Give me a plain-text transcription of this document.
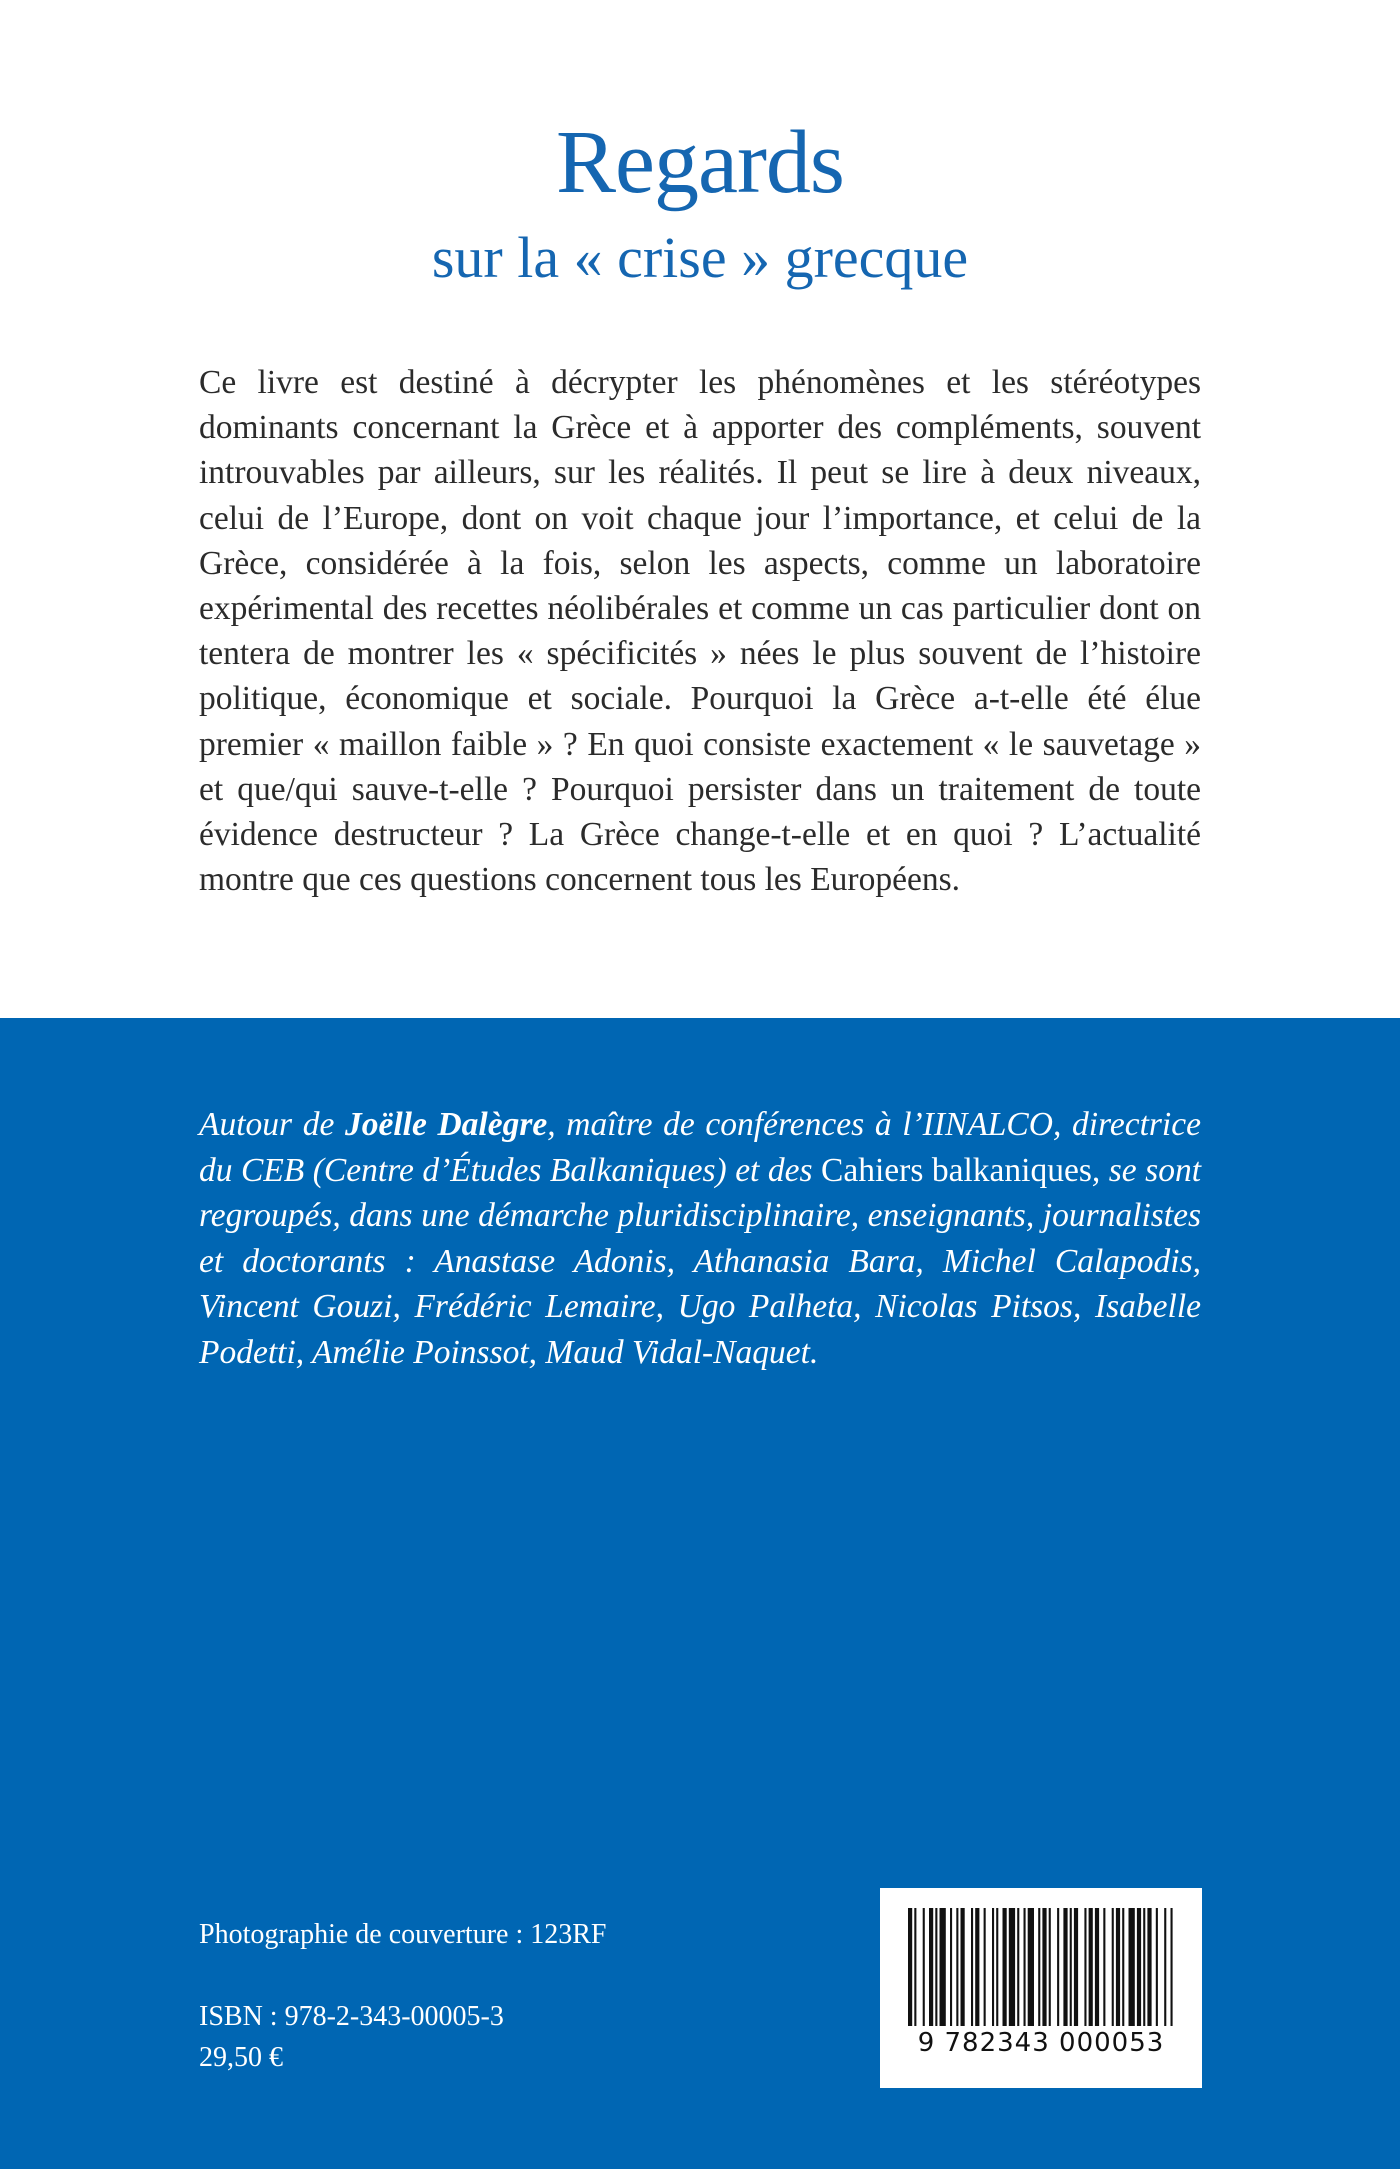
Regards
sur la « crise » grecque
Ce livre est destiné à décrypter les phénomènes et les stéréotypes dominants concernant la Grèce et à apporter des compléments, souvent introuvables par ailleurs, sur les réalités. Il peut se lire à deux niveaux, celui de l’Europe, dont on voit chaque jour l’importance, et celui de la Grèce, considérée à la fois, selon les aspects, comme un laboratoire expérimental des recettes néolibérales et comme un cas particulier dont on tentera de montrer les « spécificités » nées le plus souvent de l’histoire politique, économique et sociale. Pourquoi la Grèce a-t-elle été élue premier « maillon faible » ? En quoi consiste exactement « le sauvetage » et que/qui sauve-t-elle ? Pourquoi persister dans un traitement de toute évidence destructeur ? La Grèce change-t-elle et en quoi ? L’actualité montre que ces questions concernent tous les Européens.
Autour de Joëlle Dalègre, maître de conférences à l’IINALCO, directrice du CEB (Centre d’Études Balkaniques) et des Cahiers balkaniques, se sont regroupés, dans une démarche pluridisciplinaire, enseignants, journalistes et doctorants : Anastase Adonis, Athanasia Bara, Michel Calapodis, Vincent Gouzi, Frédéric Lemaire, Ugo Palheta, Nicolas Pitsos, Isabelle Podetti, Amélie Poinssot, Maud Vidal-Naquet.
Photographie de couverture : 123RF
ISBN : 978-2-343-00005-3
29,50 €	9 782343 000053
